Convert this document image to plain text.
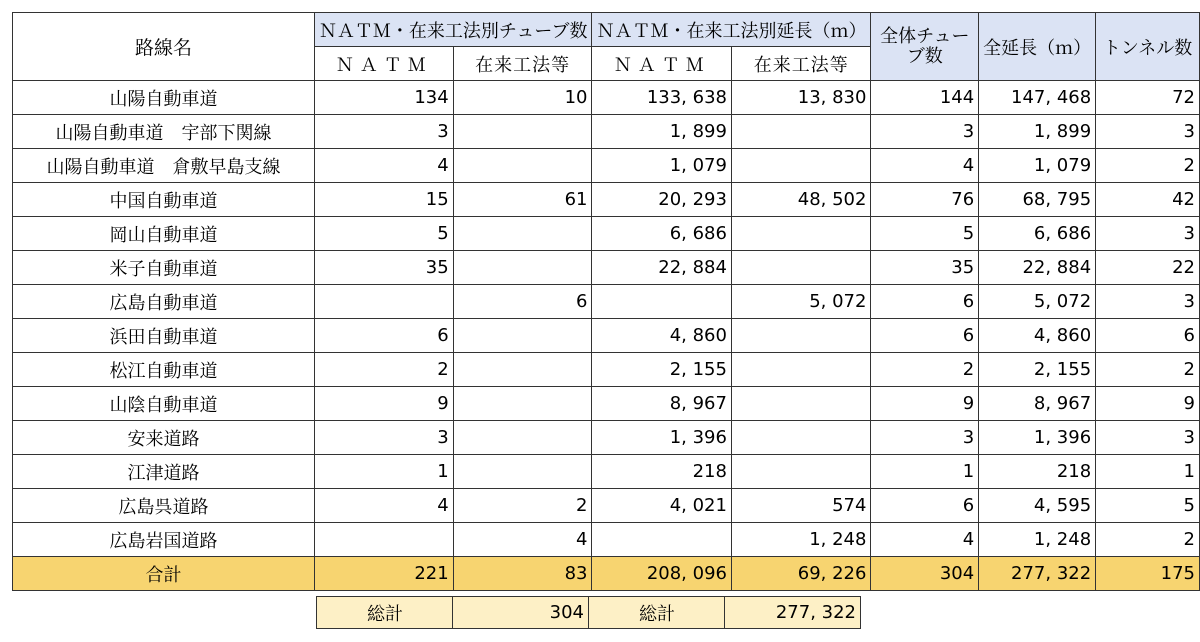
路線名	ＮＡＴＭ・在来工法別チューブ数		ＮＡＴＭ・在来工法別延長（ｍ）		全体チューブ数	全延長（ｍ）	トンネル数
	ＮＡＴＭ	在来工法等	ＮＡＴＭ	在来工法等			
山陽自動車道	134	10	133, 638	13, 830	144	147, 468	72
山陽自動車道　宇部下関線	3		1, 899		3	1, 899	3
山陽自動車道　倉敷早島支線	4		1, 079		4	1, 079	2
中国自動車道	15	61	20, 293	48, 502	76	68, 795	42
岡山自動車道	5		6, 686		5	6, 686	3
米子自動車道	35		22, 884		35	22, 884	22
広島自動車道		6		5, 072	6	5, 072	3
浜田自動車道	6		4, 860		6	4, 860	6
松江自動車道	2		2, 155		2	2, 155	2
山陰自動車道	9		8, 967		9	8, 967	9
安来道路	3		1, 396		3	1, 396	3
江津道路	1		218		1	218	1
広島呉道路	4	2	4, 021	574	6	4, 595	5
広島岩国道路		4		1, 248	4	1, 248	2
合計	221	83	208, 096	69, 226	304	277, 322	175
総計	304	総計	277, 322
